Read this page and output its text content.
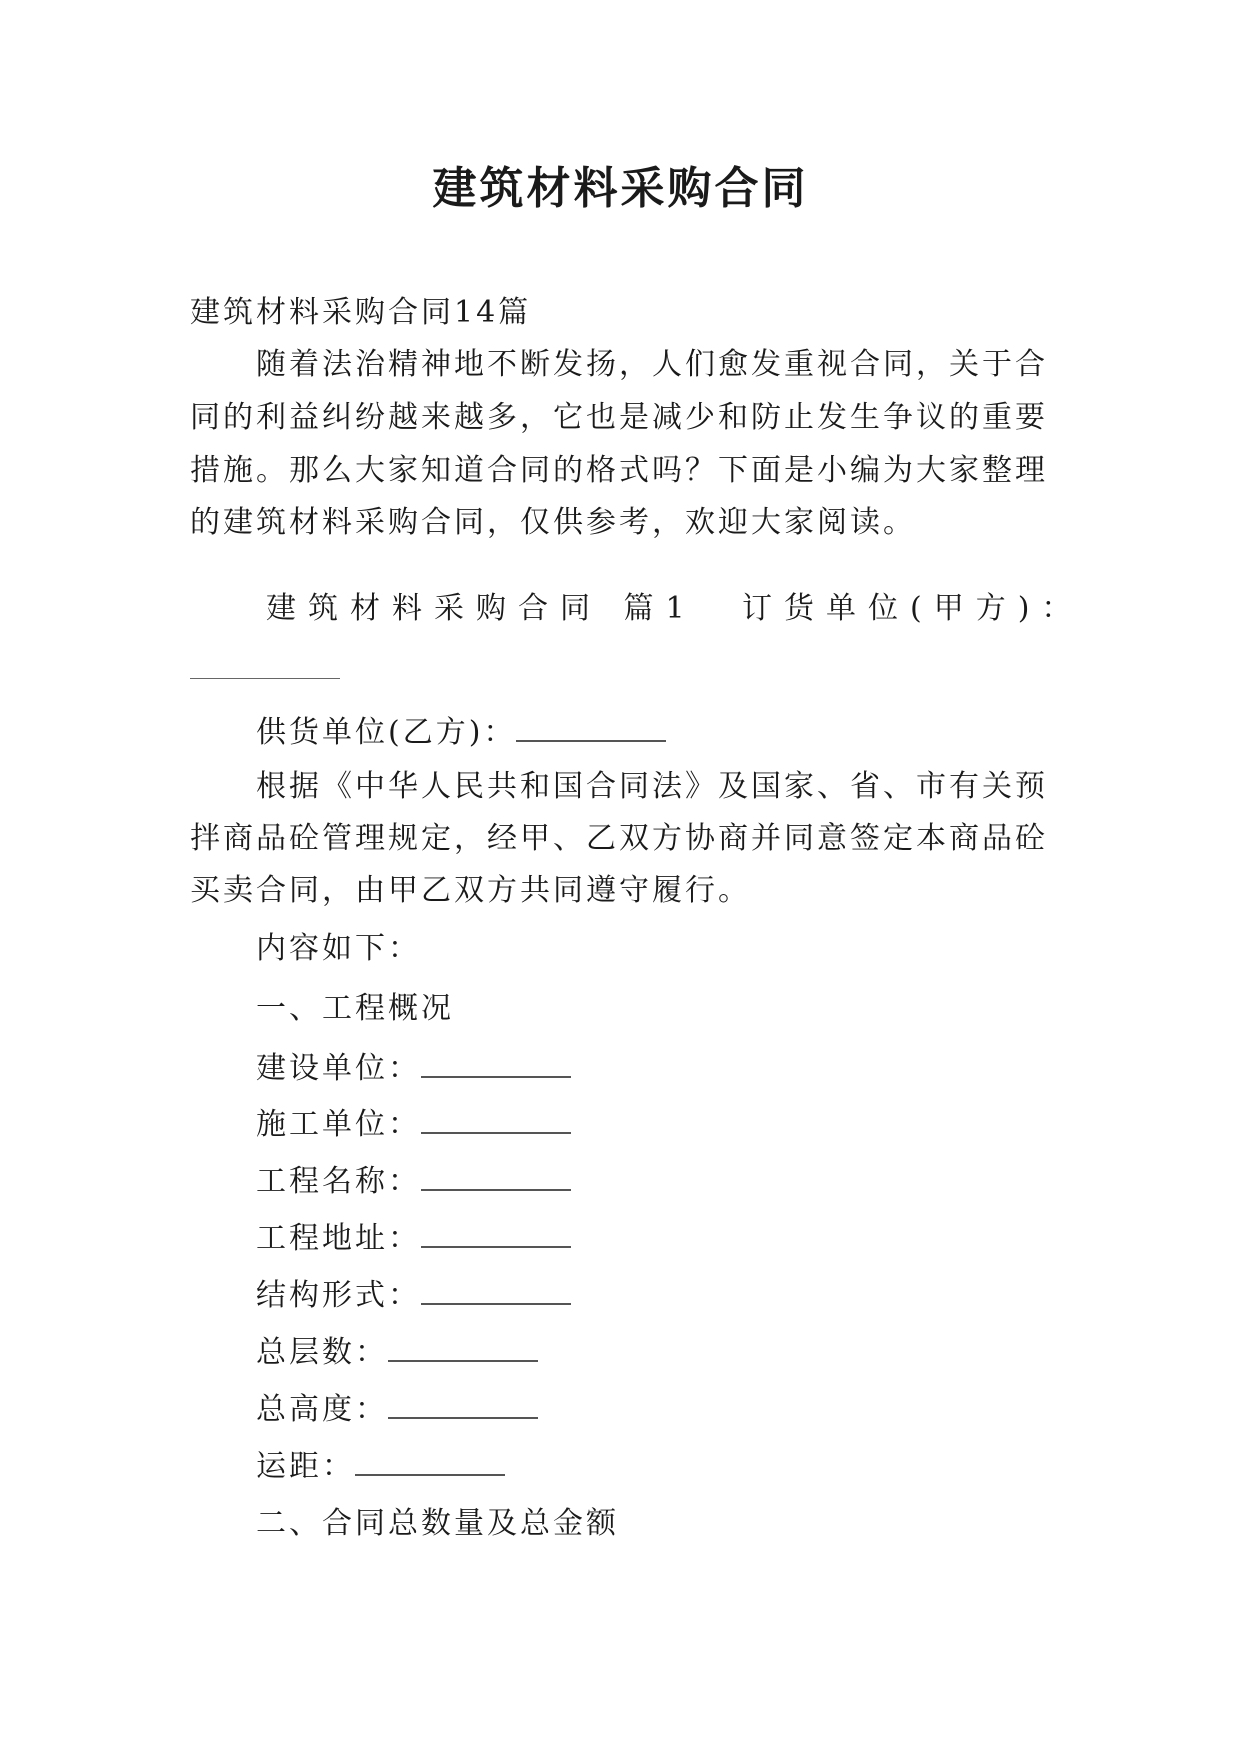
建筑材料采购合同
建筑材料采购合同14篇
随着法治精神地不断发扬，人们愈发重视合同，关于合
同的利益纠纷越来越多，它也是减少和防止发生争议的重要
措施。那么大家知道合同的格式吗？下面是小编为大家整理
的建筑材料采购合同，仅供参考，欢迎大家阅读。
建筑材料采购合同 篇1 订货单位(甲方)：
供货单位(乙方)：
根据《中华人民共和国合同法》及国家、省、市有关预
拌商品砼管理规定，经甲、乙双方协商并同意签定本商品砼
买卖合同，由甲乙双方共同遵守履行。
内容如下：
一、工程概况
建设单位：
施工单位：
工程名称：
工程地址：
结构形式：
总层数：
总高度：
运距：
二、合同总数量及总金额
